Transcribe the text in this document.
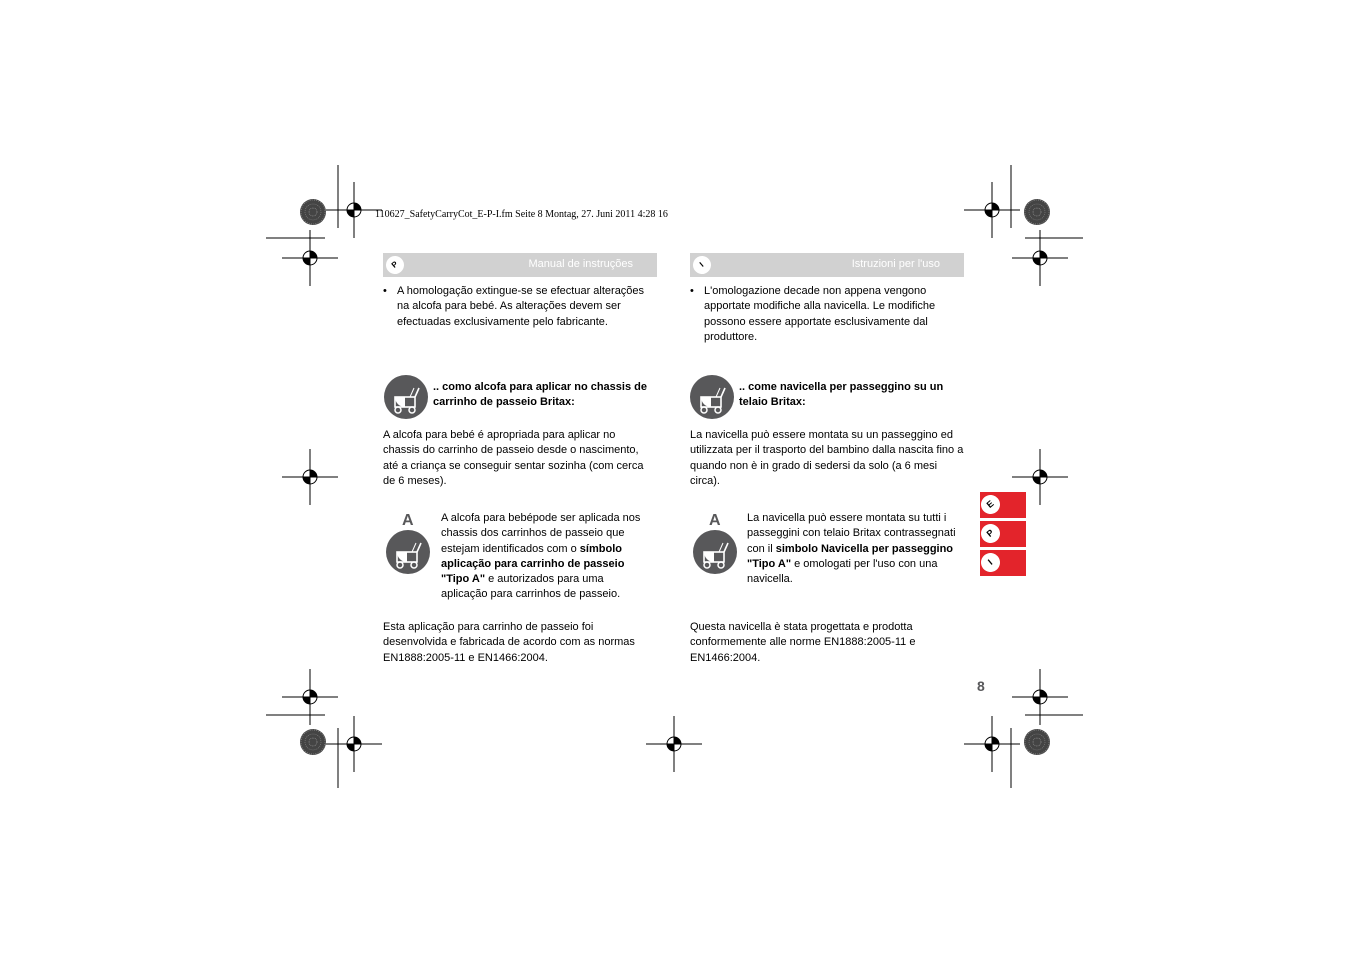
110627_SafetyCarryCot_E-P-I.fm Seite 8 Montag, 27. Juni 2011 4:28 16
P	Manual de instruções
• A homologação extingue-se se efectuar alterações na alcofa para bebé. As alterações devem ser efectuadas exclusivamente pelo fabricante.
.. como alcofa para aplicar no chassis de carrinho de passeio Britax:
A alcofa para bebé é apropriada para aplicar no chassis do carrinho de passeio desde o nascimento, até a criança se conseguir sentar sozinha (com cerca de 6 meses).
A A alcofa para bebépode ser aplicada nos chassis dos carrinhos de passeio que estejam identificados com o símbolo aplicação para carrinho de passeio "Tipo A" e autorizados para uma aplicação para carrinhos de passeio.
Esta aplicação para carrinho de passeio foi desenvolvida e fabricada de acordo com as normas EN1888:2005-11 e EN1466:2004.
I	Istruzioni per l'uso
• L'omologazione decade non appena vengono apportate modifiche alla navicella. Le modifiche possono essere apportate esclusivamente dal produttore.
.. come navicella per passeggino su un telaio Britax:
La navicella può essere montata su un passeggino ed utilizzata per il trasporto del bambino dalla nascita fino a quando non è in grado di sedersi da solo (a 6 mesi circa).
A La navicella può essere montata su tutti i passeggini con telaio Britax contrassegnati con il simbolo Navicella per passeggino "Tipo A" e omologati per l'uso con una navicella.
Questa navicella è stata progettata e prodotta conformemente alle norme EN1888:2005-11 e EN1466:2004.
E
P
I
8
